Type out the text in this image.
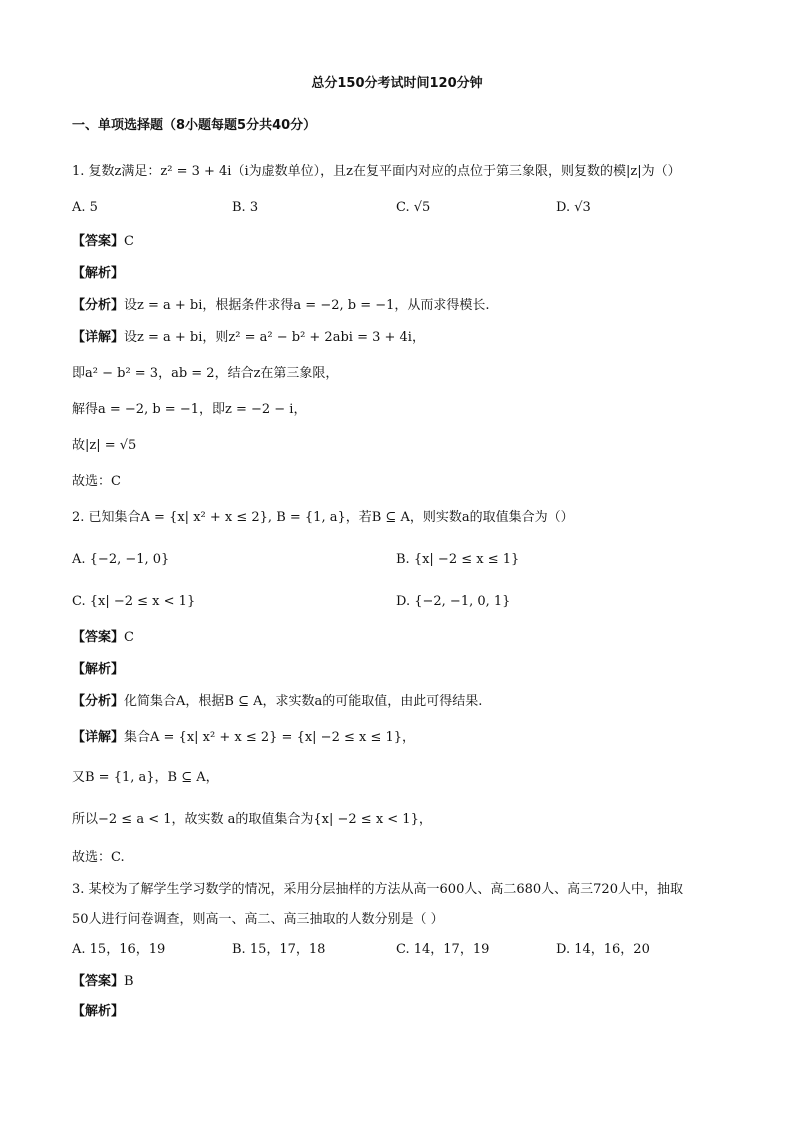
总分150分考试时间120分钟
一、单项选择题（8小题每题5分共40分）
1. 复数z满足：z² = 3 + 4i（i为虚数单位），且z在复平面内对应的点位于第三象限，则复数的模|z|为（）
A. 5	B. 3	C. √5	D. √3
【答案】C
【解析】
【分析】设z = a + bi，根据条件求得a = −2, b = −1，从而求得模长.
【详解】设z = a + bi，则z² = a² − b² + 2abi = 3 + 4i，
即a² − b² = 3，ab = 2，结合z在第三象限，
解得a = −2, b = −1，即z = −2 − i，
故|z| = √5
故选：C
2. 已知集合A = {x| x² + x ≤ 2}, B = {1, a}，若B ⊆ A，则实数a的取值集合为（）
A. {−2, −1, 0}	B. {x| −2 ≤ x ≤ 1}
C. {x| −2 ≤ x < 1}	D. {−2, −1, 0, 1}
【答案】C
【解析】
【分析】化简集合A，根据B ⊆ A，求实数a的可能取值，由此可得结果.
【详解】集合A = {x| x² + x ≤ 2} = {x| −2 ≤ x ≤ 1}，
又B = {1, a}，B ⊆ A，
所以−2 ≤ a < 1，故实数 a的取值集合为{x| −2 ≤ x < 1}，
故选：C.
3. 某校为了解学生学习数学的情况，采用分层抽样的方法从高一600人、高二680人、高三720人中，抽取
50人进行问卷调查，则高一、高二、高三抽取的人数分别是（ ）
A. 15，16，19	B. 15，17，18	C. 14，17，19	D. 14，16，20
【答案】B
【解析】
